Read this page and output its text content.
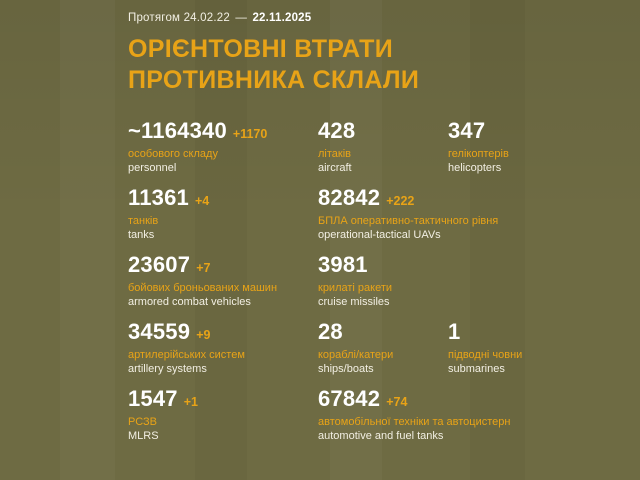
Протягом 24.02.22 — 22.11.2025
ОРІЄНТОВНІ ВТРАТИ
ПРОТИВНИКА СКЛАЛИ
~1164340 +1170
особового складу
personnel
428
літаків
aircraft
347
гелікоптерів
helicopters
11361 +4
танків
tanks
82842 +222
БПЛА оперативно-тактичного рівня
operational-tactical UAVs
23607 +7
бойових броньованих машин
armored combat vehicles
3981
крилаті ракети
cruise missiles
34559 +9
артилерійських систем
artillery systems
28
кораблі/катери
ships/boats
1
підводні човни
submarines
1547 +1
РСЗВ
MLRS
67842 +74
автомобільної техніки та автоцистерн
automotive and fuel tanks
